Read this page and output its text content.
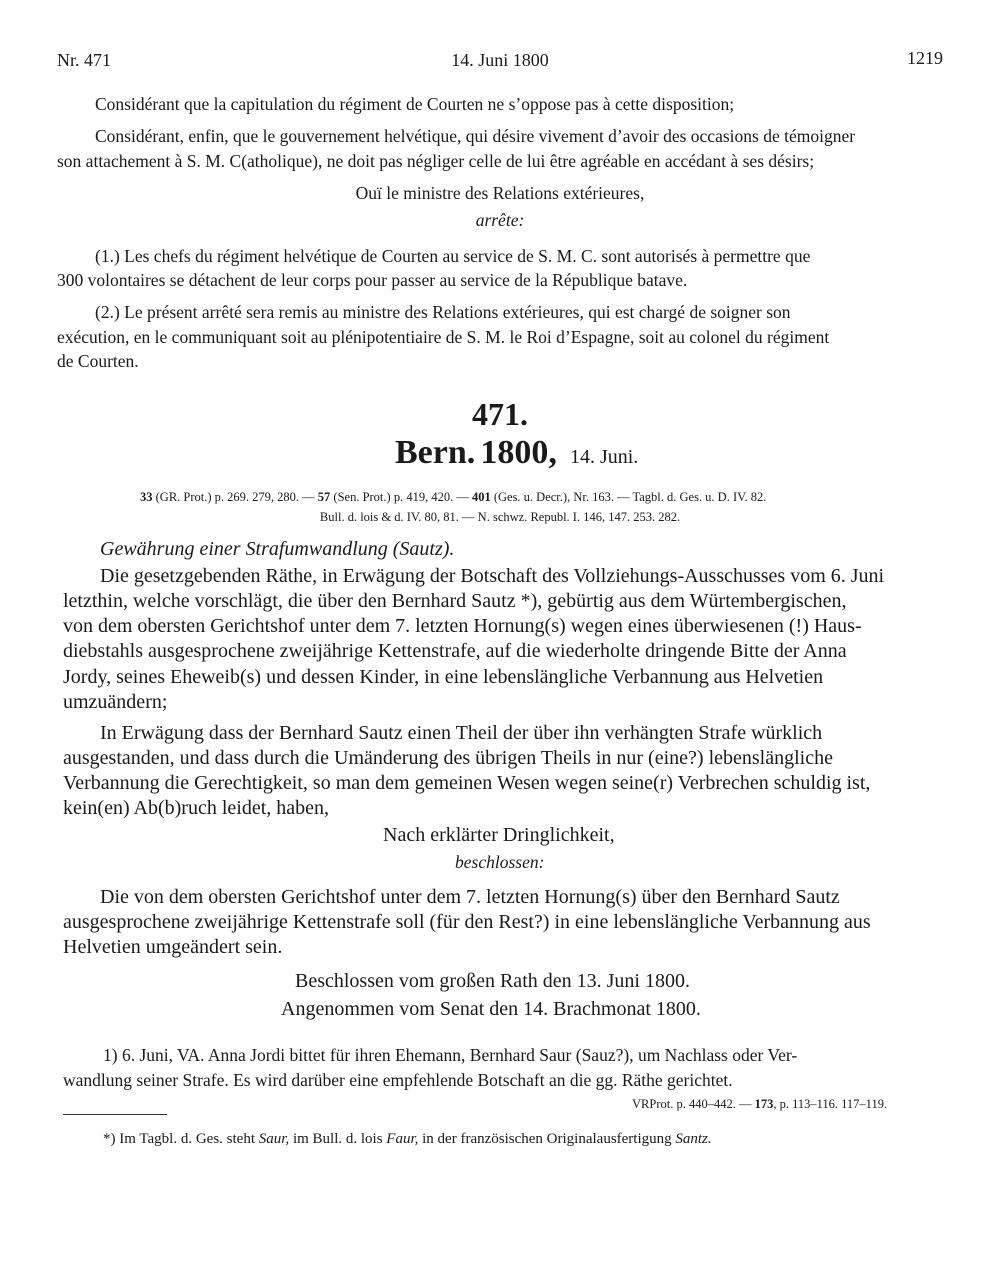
Nr. 471	14. Juni 1800	1219
Considérant que la capitulation du régiment de Courten ne s’oppose pas à cette disposition;
Considérant, enfin, que le gouvernement helvétique, qui désire vivement d’avoir des occasions de témoigner
son attachement à S. M. C(atholique), ne doit pas négliger celle de lui être agréable en accédant à ses désirs;
Ouï le ministre des Relations extérieures,
arrête:
(1.) Les chefs du régiment helvétique de Courten au service de S. M. C. sont autorisés à permettre que
300 volontaires se détachent de leur corps pour passer au service de la République batave.
(2.) Le présent arrêté sera remis au ministre des Relations extérieures, qui est chargé de soigner son
exécution, en le communiquant soit au plénipotentiaire de S. M. le Roi d’Espagne, soit au colonel du régiment
de Courten.
471.
Bern. 1800, 14. Juni.
33 (GR. Prot.) p. 269. 279, 280. — 57 (Sen. Prot.) p. 419, 420. — 401 (Ges. u. Decr.), Nr. 163. — Tagbl. d. Ges. u. D. IV. 82.
Bull. d. lois & d. IV. 80, 81. — N. schwz. Republ. I. 146, 147. 253. 282.
Gewährung einer Strafumwandlung (Sautz).
Die gesetzgebenden Räthe, in Erwägung der Botschaft des Vollziehungs-Ausschusses vom 6. Juni
letzthin, welche vorschlägt, die über den Bernhard Sautz *), gebürtig aus dem Würtembergischen,
von dem obersten Gerichtshof unter dem 7. letzten Hornung(s) wegen eines überwiesenen (!) Haus-
diebstahls ausgesprochene zweijährige Kettenstrafe, auf die wiederholte dringende Bitte der Anna
Jordy, seines Eheweib(s) und dessen Kinder, in eine lebenslängliche Verbannung aus Helvetien
umzuändern;
In Erwägung dass der Bernhard Sautz einen Theil der über ihn verhängten Strafe würklich
ausgestanden, und dass durch die Umänderung des übrigen Theils in nur (eine?) lebenslängliche
Verbannung die Gerechtigkeit, so man dem gemeinen Wesen wegen seine(r) Verbrechen schuldig ist,
kein(en) Ab(b)ruch leidet, haben,
Nach erklärter Dringlichkeit,
beschlossen:
Die von dem obersten Gerichtshof unter dem 7. letzten Hornung(s) über den Bernhard Sautz
ausgesprochene zweijährige Kettenstrafe soll (für den Rest?) in eine lebenslängliche Verbannung aus
Helvetien umgeändert sein.
Beschlossen vom großen Rath den 13. Juni 1800.
Angenommen vom Senat den 14. Brachmonat 1800.
1) 6. Juni, VA. Anna Jordi bittet für ihren Ehemann, Bernhard Saur (Sauz?), um Nachlass oder Ver-
wandlung seiner Strafe. Es wird darüber eine empfehlende Botschaft an die gg. Räthe gerichtet.
VRProt. p. 440–442. — 173, p. 113–116. 117–119.
*) Im Tagbl. d. Ges. steht Saur, im Bull. d. lois Faur, in der französischen Originalausfertigung Santz.
